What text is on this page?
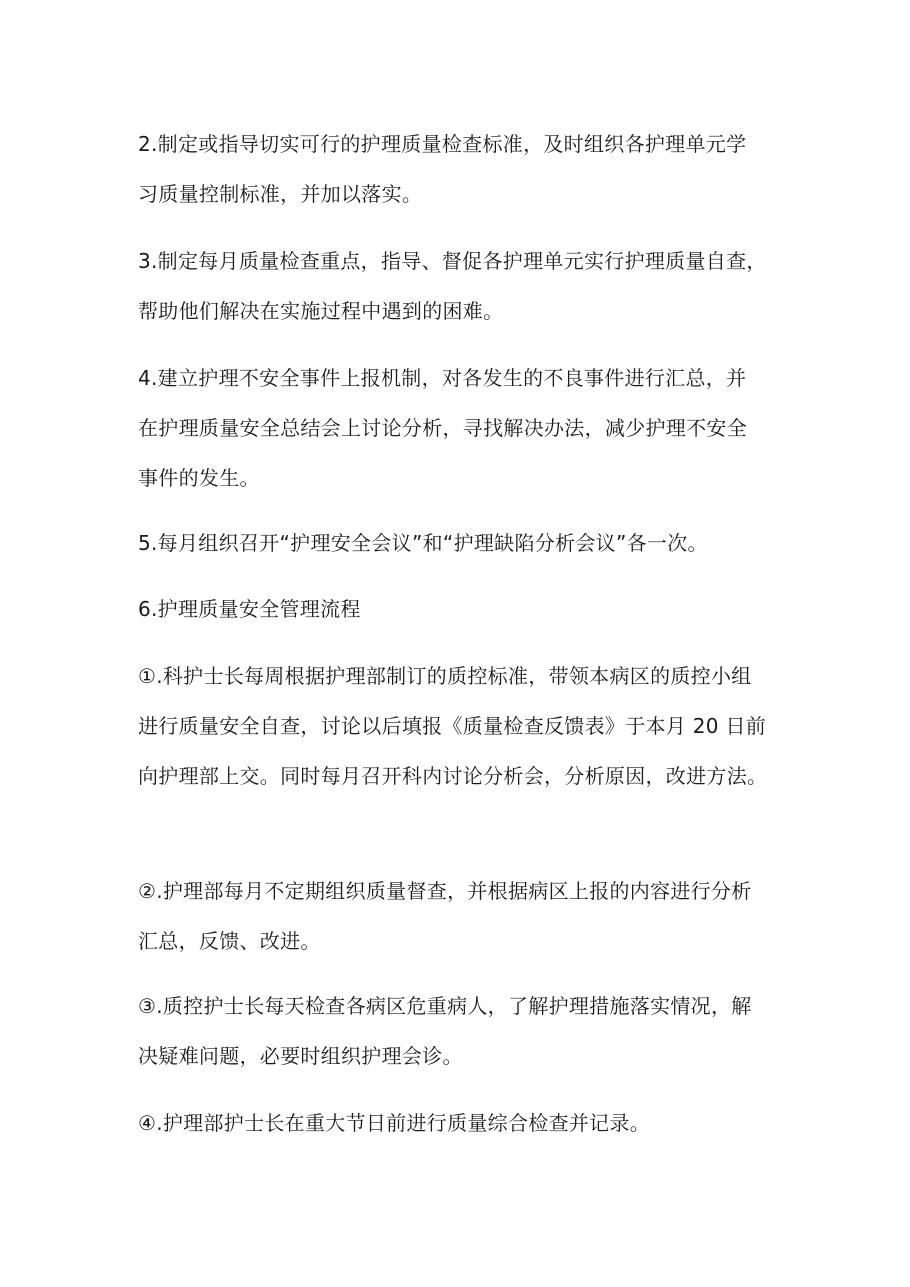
2.制定或指导切实可行的护理质量检查标准，及时组织各护理单元学
习质量控制标准，并加以落实。

3.制定每月质量检查重点，指导、督促各护理单元实行护理质量自查，
帮助他们解决在实施过程中遇到的困难。

4.建立护理不安全事件上报机制，对各发生的不良事件进行汇总，并
在护理质量安全总结会上讨论分析，寻找解决办法，减少护理不安全
事件的发生。

5.每月组织召开“护理安全会议”和“护理缺陷分析会议”各一次。

6.护理质量安全管理流程

①.科护士长每周根据护理部制订的质控标准，带领本病区的质控小组
进行质量安全自查，讨论以后填报《质量检查反馈表》于本月 20 日前
向护理部上交。同时每月召开科内讨论分析会，分析原因，改进方法。

②.护理部每月不定期组织质量督查，并根据病区上报的内容进行分析
汇总，反馈、改进。

③.质控护士长每天检查各病区危重病人，了解护理措施落实情况，解
决疑难问题，必要时组织护理会诊。

④.护理部护士长在重大节日前进行质量综合检查并记录。
